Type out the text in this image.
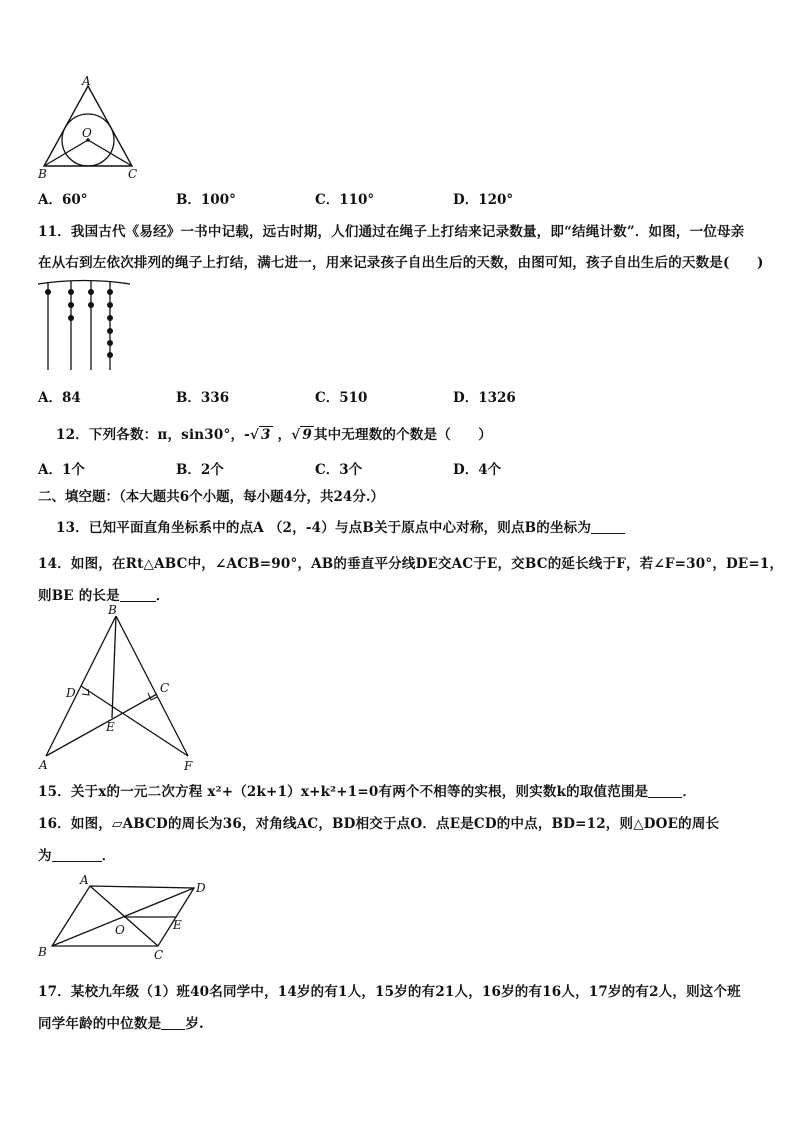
A
O
B	C
A．60°	B．100°	C．110°	D．120°
11．我国古代《易经》一书中记载，远古时期，人们通过在绳子上打结来记录数量，即“结绳计数”．如图，一位母亲
在从右到左依次排列的绳子上打结，满七进一，用来记录孩子自出生后的天数，由图可知，孩子自出生后的天数是(　　)
A．84	B．336	C．510	D．1326
12．下列各数：π，sin30°，-√ 3 ，√ 9 其中无理数的个数是（　　）
A．1个	B．2个	C．3个	D．4个
二、填空题：（本大题共6个小题，每小题4分，共24分.）
13．已知平面直角坐标系中的点A （2，-4）与点B关于原点中心对称，则点B的坐标为
14．如图，在Rt△ABC中，∠ACB=90°，AB的垂直平分线DE交AC于E，交BC的延长线于F，若∠F=30°，DE=1，
则BE 的长是	．
B
D	C
E
A	F
15．关于x的一元二次方程 x²+（2k+1）x+k²+1=0有两个不相等的实根，则实数k的取值范围是	．
16．如图，▱ABCD的周长为36，对角线AC，BD相交于点O．点E是CD的中点，BD=12，则△DOE的周长
为	．
A
D
O	E
B	C
17．某校九年级（1）班40名同学中，14岁的有1人，15岁的有21人，16岁的有16人，17岁的有2人，则这个班
同学年龄的中位数是 岁.
